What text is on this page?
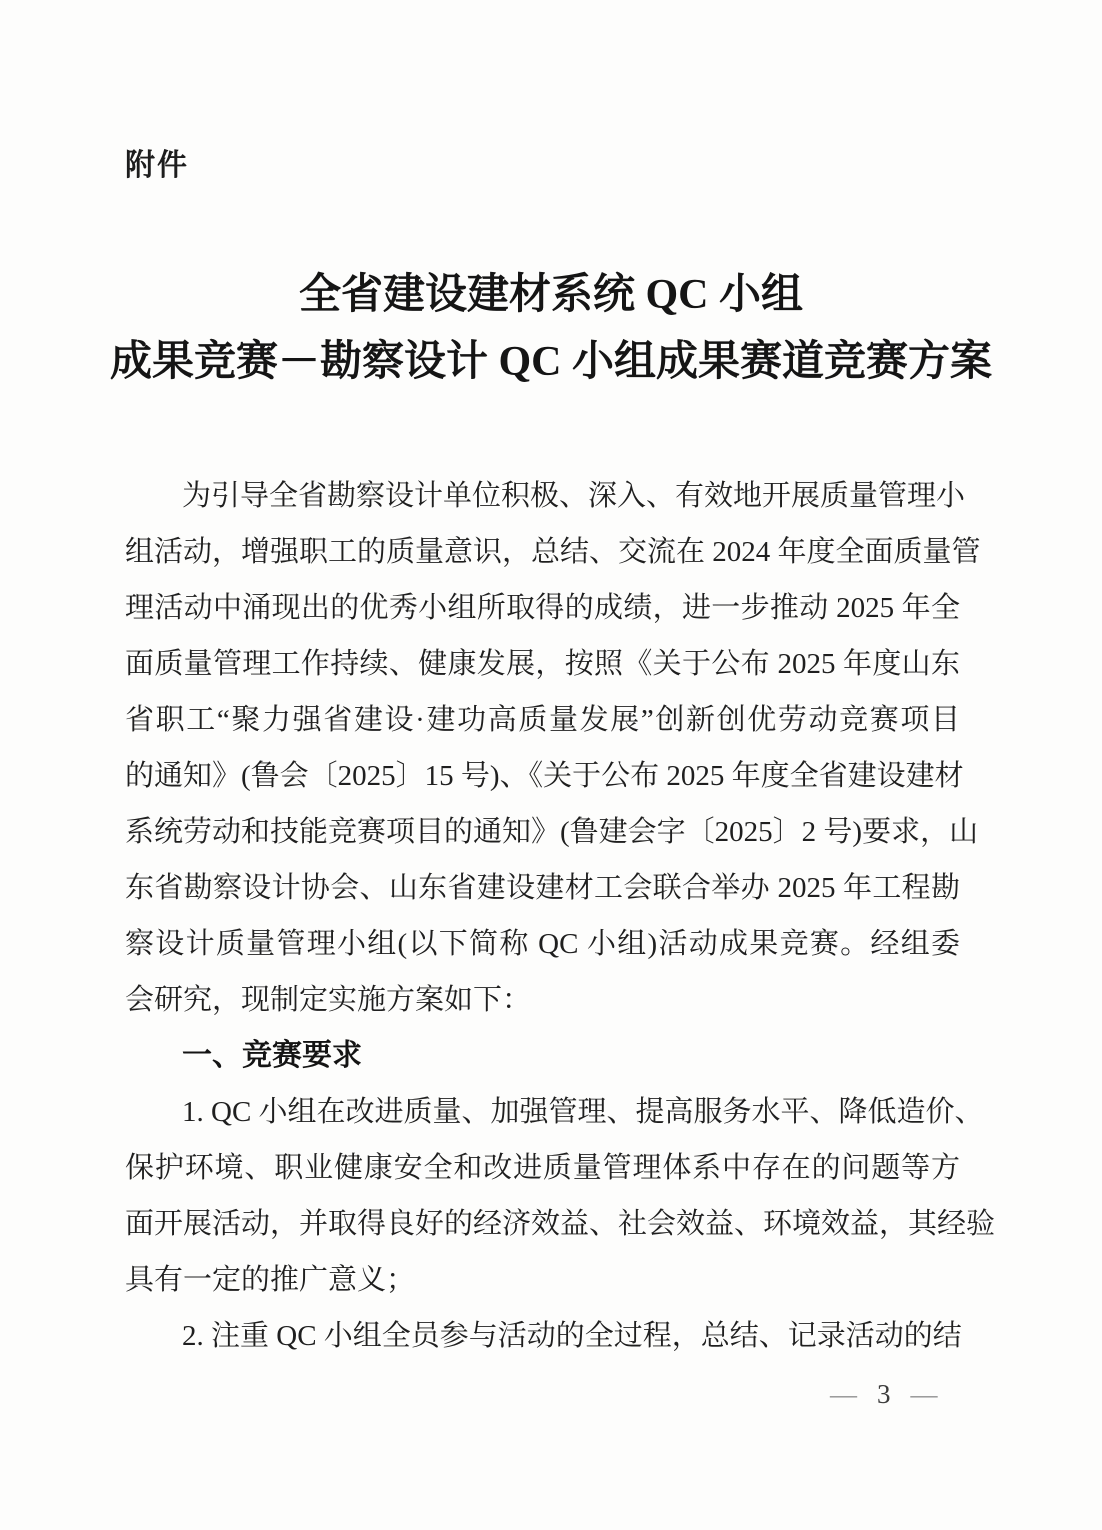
附件
全省建设建材系统 QC 小组
成果竞赛－勘察设计 QC 小组成果赛道竞赛方案
为引导全省勘察设计单位积极、深入、有效地开展质量管理小
组活动，增强职工的质量意识，总结、交流在 2024 年度全面质量管
理活动中涌现出的优秀小组所取得的成绩，进一步推动 2025 年全
面质量管理工作持续、健康发展，按照《关于公布 2025 年度山东
省职工“聚力强省建设·建功高质量发展”创新创优劳动竞赛项目
的通知》(鲁会〔2025〕15 号)、《关于公布 2025 年度全省建设建材
系统劳动和技能竞赛项目的通知》(鲁建会字〔2025〕2 号)要求，山
东省勘察设计协会、山东省建设建材工会联合举办 2025 年工程勘
察设计质量管理小组(以下简称 QC 小组)活动成果竞赛。经组委
会研究，现制定实施方案如下：
一、竞赛要求
1. QC 小组在改进质量、加强管理、提高服务水平、降低造价、
保护环境、职业健康安全和改进质量管理体系中存在的问题等方
面开展活动，并取得良好的经济效益、社会效益、环境效益，其经验
具有一定的推广意义；
2. 注重 QC 小组全员参与活动的全过程，总结、记录活动的结
— 3 —
